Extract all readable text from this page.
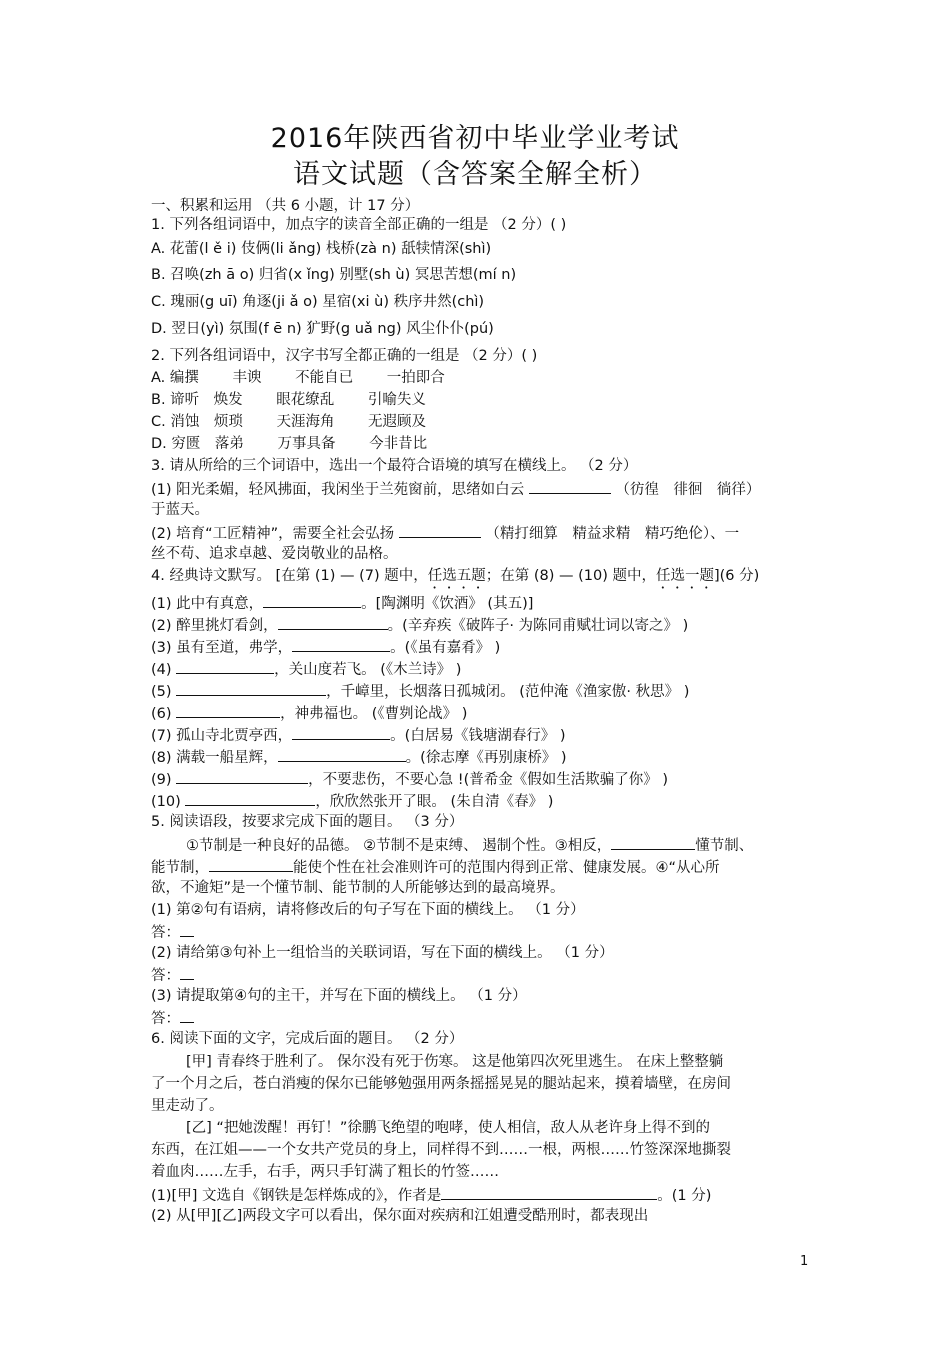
2016年陕西省初中毕业学业考试
语文试题（含答案全解全析）
一、积累和运用 （共 6 小题，计 17 分）
1. 下列各组词语中，加点字的读音全部正确的一组是 （2 分）( )
A. 花蕾(l ě i) 伎俩(li ǎng) 栈桥(zà n) 舐犊情深(shì)
B. 召唤(zh ā o) 归省(x ǐng) 别墅(sh ù) 冥思苦想(mí n)
C. 瑰丽(g uī) 角逐(ji ǎ o) 星宿(xi ù) 秩序井然(chì)
D. 翌日(yì) 氛围(f ē n) 犷野(g uǎ ng) 风尘仆仆(pú)
2. 下列各组词语中，汉字书写全都正确的一组是 （2 分）( )
A. 编撰　　 丰谀　　 不能自已　　 一拍即合
B. 谛听　焕发　　 眼花缭乱　　 引喻失义
C. 消蚀　烦琐　　 天涯海角　　 无遐顾及
D. 穷匮　落弟　　 万事具备　　 今非昔比
3. 请从所给的三个词语中，选出一个最符合语境的填写在横线上。 （2 分）
(1) 阳光柔媚，轻风拂面，我闲坐于兰苑窗前，思绪如白云	（彷徨　徘徊　徜徉）
于蓝天。
(2) 培育“工匠精神”，需要全社会弘扬	（精打细算　精益求精　精巧绝伦）、一
丝不苟、追求卓越、爱岗敬业的品格。
4. 经典诗文默写。 [在第 (1) — (7) 题中，任选五题；在第 (8) — (10) 题中，任选一题](6 分)
(1) 此中有真意，	。[陶渊明《饮酒》 (其五)]
(2) 醉里挑灯看剑，	。(辛弃疾《破阵子· 为陈同甫赋壮词以寄之》 )
(3) 虽有至道，弗学，	。(《虽有嘉肴》 )
(4)	，关山度若飞。 (《木兰诗》 )
(5)	，千嶂里，长烟落日孤城闭。 (范仲淹《渔家傲· 秋思》 )
(6)	，神弗福也。 (《曹刿论战》 )
(7) 孤山寺北贾亭西，	。(白居易《钱塘湖春行》 )
(8) 满载一船星辉，	。(徐志摩《再别康桥》 )
(9)	，不要悲伤，不要心急 !(普希金《假如生活欺骗了你》 )
(10)	，欣欣然张开了眼。 (朱自清《春》 )
5. 阅读语段，按要求完成下面的题目。 （3 分）
①节制是一种良好的品德。 ②节制不是束缚、 遏制个性。③相反，	懂节制、
能节制，	能使个性在社会准则许可的范围内得到正常、健康发展。④“从心所
欲，不逾矩”是一个懂节制、能节制的人所能够达到的最高境界。
(1) 第②句有语病，请将修改后的句子写在下面的横线上。 （1 分）
答：
(2) 请给第③句补上一组恰当的关联词语，写在下面的横线上。 （1 分）
答：
(3) 请提取第④句的主干，并写在下面的横线上。 （1 分）
答：
6. 阅读下面的文字，完成后面的题目。 （2 分）
[甲] 青春终于胜利了。 保尔没有死于伤寒。 这是他第四次死里逃生。 在床上整整躺
了一个月之后，苍白消瘦的保尔已能够勉强用两条摇摇晃晃的腿站起来，摸着墙壁，在房间
里走动了。
[乙] “把她泼醒！再钉！”徐鹏飞绝望的咆哮，使人相信，敌人从老许身上得不到的
东西，在江姐——一个女共产党员的身上，同样得不到……一根，两根……竹签深深地撕裂
着血肉……左手，右手，两只手钉满了粗长的竹签……
(1)[甲] 文选自《钢铁是怎样炼成的》，作者是	。(1 分)
(2) 从[甲][乙]两段文字可以看出，保尔面对疾病和江姐遭受酷刑时，都表现出
1
